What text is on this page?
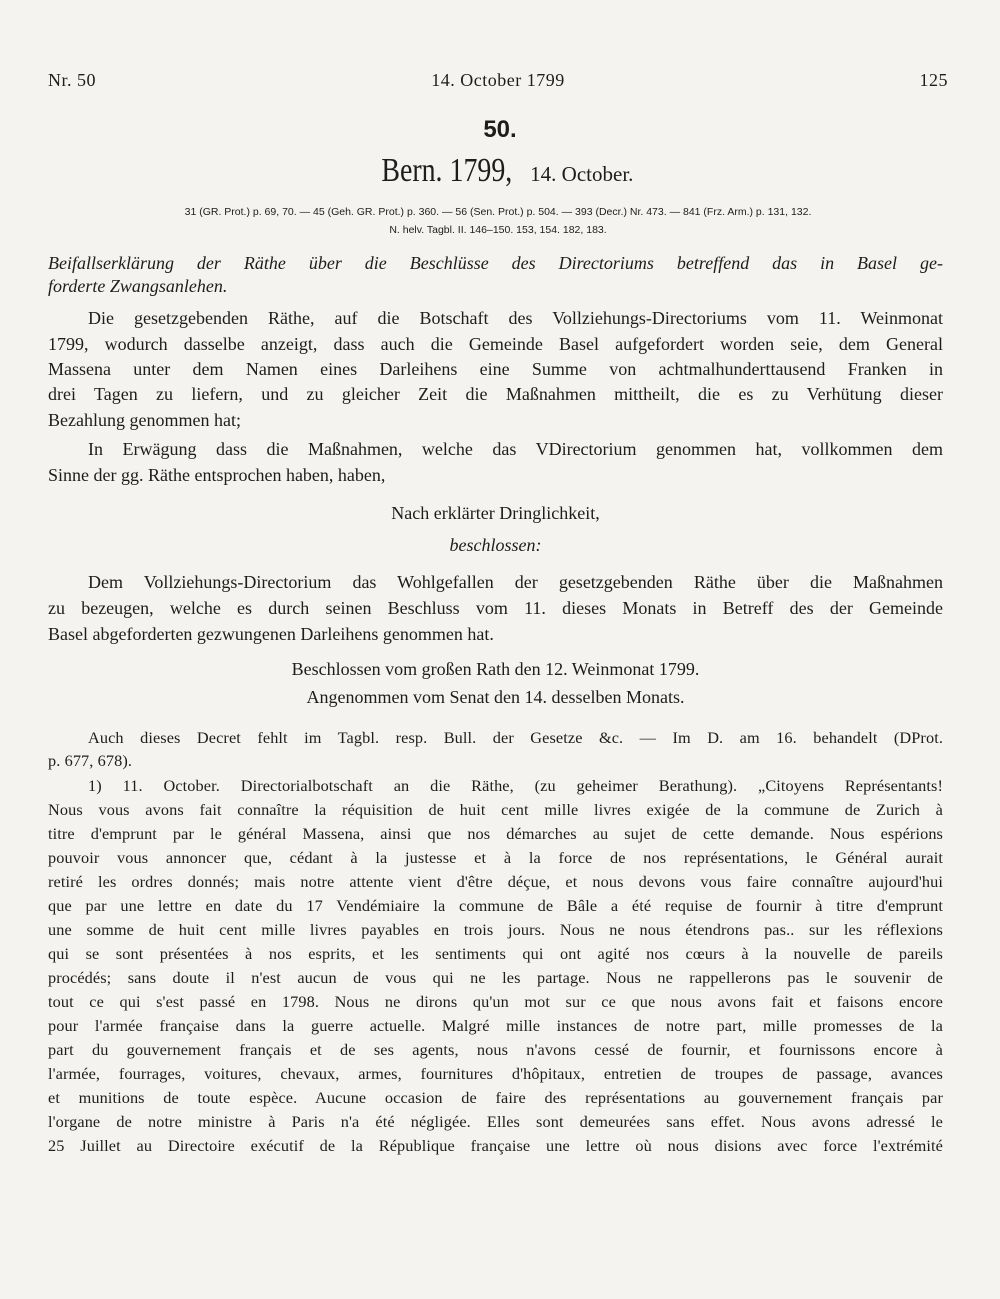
Nr. 50	14. October 1799	125
50.
Bern. 1799, 14. October.
31 (GR. Prot.) p. 69, 70. — 45 (Geh. GR. Prot.) p. 360. — 56 (Sen. Prot.) p. 504. — 393 (Decr.) Nr. 473. — 841 (Frz. Arm.) p. 131, 132.
N. helv. Tagbl. II. 146–150. 153, 154. 182, 183.
Beifallserklärung der Räthe über die Beschlüsse des Directoriums betreffend das in Basel ge-
forderte Zwangsanlehen.
Die gesetzgebenden Räthe, auf die Botschaft des Vollziehungs-Directoriums vom 11. Weinmonat
1799, wodurch dasselbe anzeigt, dass auch die Gemeinde Basel aufgefordert worden seie, dem General
Massena unter dem Namen eines Darleihens eine Summe von achtmalhunderttausend Franken in
drei Tagen zu liefern, und zu gleicher Zeit die Maßnahmen mittheilt, die es zu Verhütung dieser
Bezahlung genommen hat;
In Erwägung dass die Maßnahmen, welche das VDirectorium genommen hat, vollkommen dem
Sinne der gg. Räthe entsprochen haben, haben,
Nach erklärter Dringlichkeit,
beschlossen:
Dem Vollziehungs-Directorium das Wohlgefallen der gesetzgebenden Räthe über die Maßnahmen
zu bezeugen, welche es durch seinen Beschluss vom 11. dieses Monats in Betreff des der Gemeinde
Basel abgeforderten gezwungenen Darleihens genommen hat.
Beschlossen vom großen Rath den 12. Weinmonat 1799.
Angenommen vom Senat den 14. desselben Monats.
Auch dieses Decret fehlt im Tagbl. resp. Bull. der Gesetze &c. — Im D. am 16. behandelt (DProt.
p. 677, 678).
1) 11. October. Directorialbotschaft an die Räthe, (zu geheimer Berathung). „Citoyens Représentants!
Nous vous avons fait connaître la réquisition de huit cent mille livres exigée de la commune de Zurich à
titre d'emprunt par le général Massena, ainsi que nos démarches au sujet de cette demande. Nous espérions
pouvoir vous annoncer que, cédant à la justesse et à la force de nos représentations, le Général aurait
retiré les ordres donnés; mais notre attente vient d'être déçue, et nous devons vous faire connaître aujourd'hui
que par une lettre en date du 17 Vendémiaire la commune de Bâle a été requise de fournir à titre d'emprunt
une somme de huit cent mille livres payables en trois jours. Nous ne nous étendrons pas.. sur les réflexions
qui se sont présentées à nos esprits, et les sentiments qui ont agité nos cœurs à la nouvelle de pareils
procédés; sans doute il n'est aucun de vous qui ne les partage. Nous ne rappellerons pas le souvenir de
tout ce qui s'est passé en 1798. Nous ne dirons qu'un mot sur ce que nous avons fait et faisons encore
pour l'armée française dans la guerre actuelle. Malgré mille instances de notre part, mille promesses de la
part du gouvernement français et de ses agents, nous n'avons cessé de fournir, et fournissons encore à
l'armée, fourrages, voitures, chevaux, armes, fournitures d'hôpitaux, entretien de troupes de passage, avances
et munitions de toute espèce. Aucune occasion de faire des représentations au gouvernement français par
l'organe de notre ministre à Paris n'a été négligée. Elles sont demeurées sans effet. Nous avons adressé le
25 Juillet au Directoire exécutif de la République française une lettre où nous disions avec force l'extrémité
